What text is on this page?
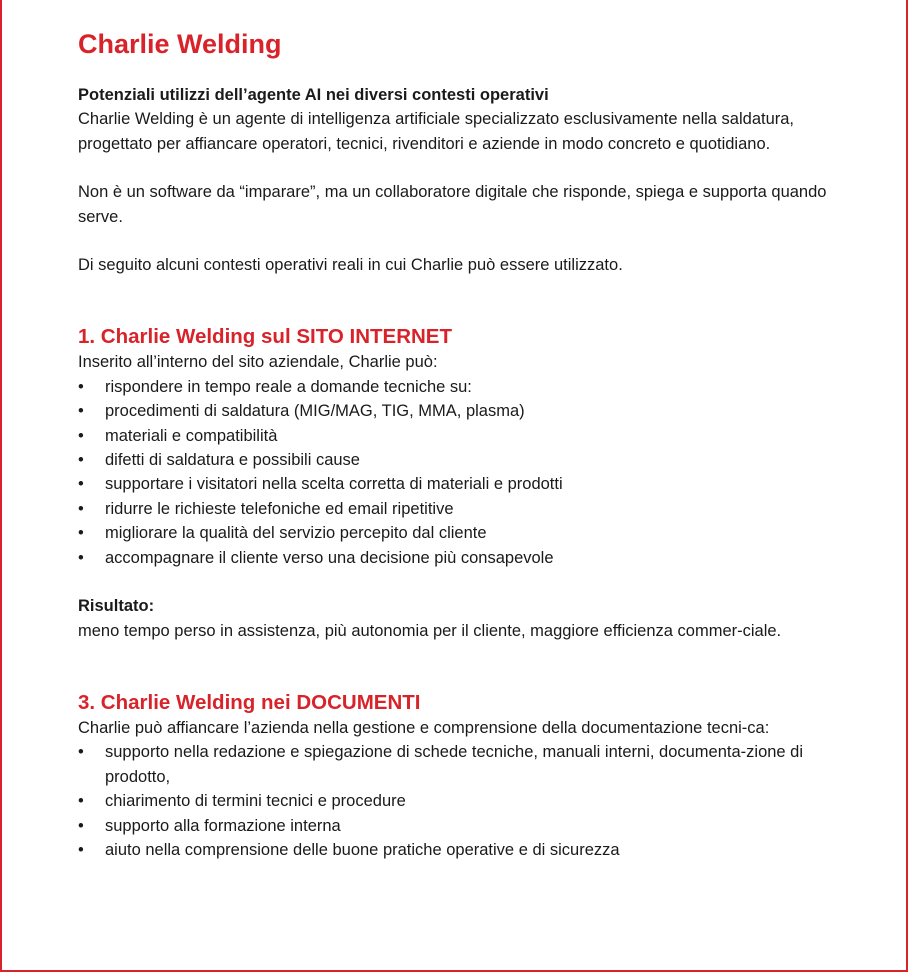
Charlie Welding

Potenziali utilizzi dell’agente AI nei diversi contesti operativi

Charlie Welding è un agente di intelligenza artificiale specializzato esclusivamente nella saldatura, progettato per affiancare operatori, tecnici, rivenditori e aziende in modo concreto e quotidiano.

Non è un software da “imparare”, ma un collaboratore digitale che risponde, spiega e supporta quando serve.

Di seguito alcuni contesti operativi reali in cui Charlie può essere utilizzato.

1. Charlie Welding sul SITO INTERNET

Inserito all’interno del sito aziendale, Charlie può:

• rispondere in tempo reale a domande tecniche su:
• procedimenti di saldatura (MIG/MAG, TIG, MMA, plasma)
• materiali e compatibilità
• difetti di saldatura e possibili cause
• supportare i visitatori nella scelta corretta di materiali e prodotti
• ridurre le richieste telefoniche ed email ripetitive
• migliorare la qualità del servizio percepito dal cliente
• accompagnare il cliente verso una decisione più consapevole

Risultato:

meno tempo perso in assistenza, più autonomia per il cliente, maggiore efficienza commer-ciale.

3. Charlie Welding nei DOCUMENTI

Charlie può affiancare l’azienda nella gestione e comprensione della documentazione tecni-ca:

• supporto nella redazione e spiegazione di schede tecniche, manuali interni, documenta-zione di prodotto,
• chiarimento di termini tecnici e procedure
• supporto alla formazione interna
• aiuto nella comprensione delle buone pratiche operative e di sicurezza
